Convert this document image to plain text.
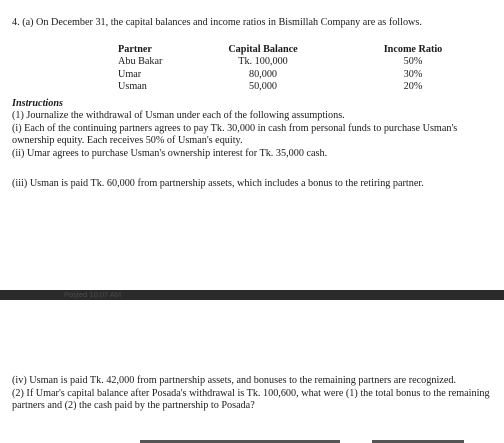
4. (a) On December 31, the capital balances and income ratios in Bismillah Company are as follows.

Partner	Capital Balance	Income Ratio
Abu Bakar	Tk. 100,000	50%
Umar	80,000	30%
Usman	50,000	20%
Instructions

(1) Journalize the withdrawal of Usman under each of the following assumptions.

(i) Each of the continuing partners agrees to pay Tk. 30,000 in cash from personal funds to purchase Usman's ownership equity. Each receives 50% of Usman's equity.

(ii) Umar agrees to purchase Usman's ownership interest for Tk. 35,000 cash.

(iii) Usman is paid Tk. 60,000 from partnership assets, which includes a bonus to the retiring partner.

Posted 10:07 AM

(iv) Usman is paid Tk. 42,000 from partnership assets, and bonuses to the remaining partners are recognized.

(2) If Umar's capital balance after Posada's withdrawal is Tk. 100,600, what were (1) the total bonus to the remaining partners and (2) the cash paid by the partnership to Posada?
